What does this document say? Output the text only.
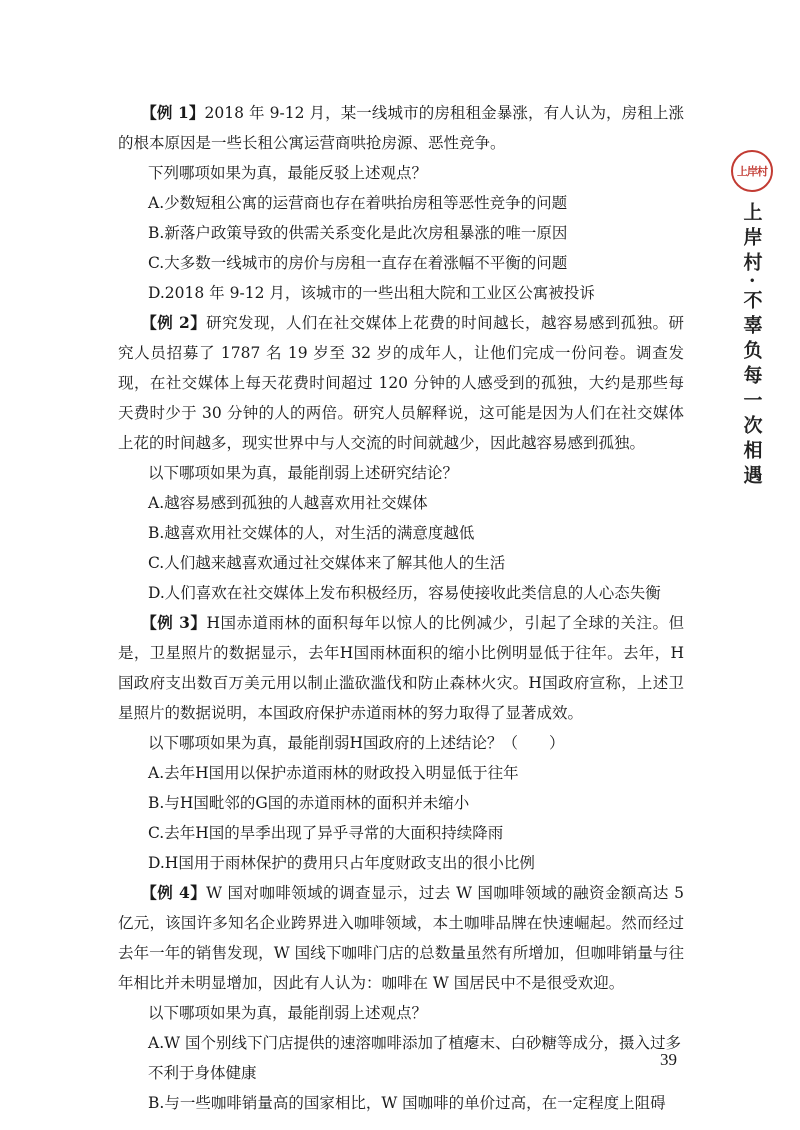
【例 1】2018 年 9-12 月，某一线城市的房租租金暴涨，有人认为，房租上涨的根本原因是一些长租公寓运营商哄抢房源、恶性竞争。

下列哪项如果为真，最能反驳上述观点？

A.少数短租公寓的运营商也存在着哄抬房租等恶性竞争的问题

B.新落户政策导致的供需关系变化是此次房租暴涨的唯一原因

C.大多数一线城市的房价与房租一直存在着涨幅不平衡的问题

D.2018 年 9-12 月，该城市的一些出租大院和工业区公寓被投诉

【例 2】研究发现，人们在社交媒体上花费的时间越长，越容易感到孤独。研究人员招募了 1787 名 19 岁至 32 岁的成年人，让他们完成一份问卷。调查发现，在社交媒体上每天花费时间超过 120 分钟的人感受到的孤独，大约是那些每天费时少于 30 分钟的人的两倍。研究人员解释说，这可能是因为人们在社交媒体上花的时间越多，现实世界中与人交流的时间就越少，因此越容易感到孤独。

以下哪项如果为真，最能削弱上述研究结论？

A.越容易感到孤独的人越喜欢用社交媒体

B.越喜欢用社交媒体的人，对生活的满意度越低

C.人们越来越喜欢通过社交媒体来了解其他人的生活

D.人们喜欢在社交媒体上发布积极经历，容易使接收此类信息的人心态失衡

【例 3】H国赤道雨林的面积每年以惊人的比例减少，引起了全球的关注。但是，卫星照片的数据显示，去年H国雨林面积的缩小比例明显低于往年。去年，H国政府支出数百万美元用以制止滥砍滥伐和防止森林火灾。H国政府宣称，上述卫星照片的数据说明，本国政府保护赤道雨林的努力取得了显著成效。

以下哪项如果为真，最能削弱H国政府的上述结论？（　　）

A.去年H国用以保护赤道雨林的财政投入明显低于往年

B.与H国毗邻的G国的赤道雨林的面积并未缩小

C.去年H国的旱季出现了异乎寻常的大面积持续降雨

D.H国用于雨林保护的费用只占年度财政支出的很小比例

【例 4】W 国对咖啡领域的调查显示，过去 W 国咖啡领域的融资金额高达 5 亿元，该国许多知名企业跨界进入咖啡领域，本土咖啡品牌在快速崛起。然而经过去年一年的销售发现，W 国线下咖啡门店的总数量虽然有所增加，但咖啡销量与往年相比并未明显增加，因此有人认为：咖啡在 W 国居民中不是很受欢迎。

以下哪项如果为真，最能削弱上述观点？

A.W 国个别线下门店提供的速溶咖啡添加了植瘪末、白砂糖等成分，摄入过多不利于身体健康

B.与一些咖啡销量高的国家相比，W 国咖啡的单价过高，在一定程度上阻碍

上岸村
上岸村·不辜负每一次相遇
39
